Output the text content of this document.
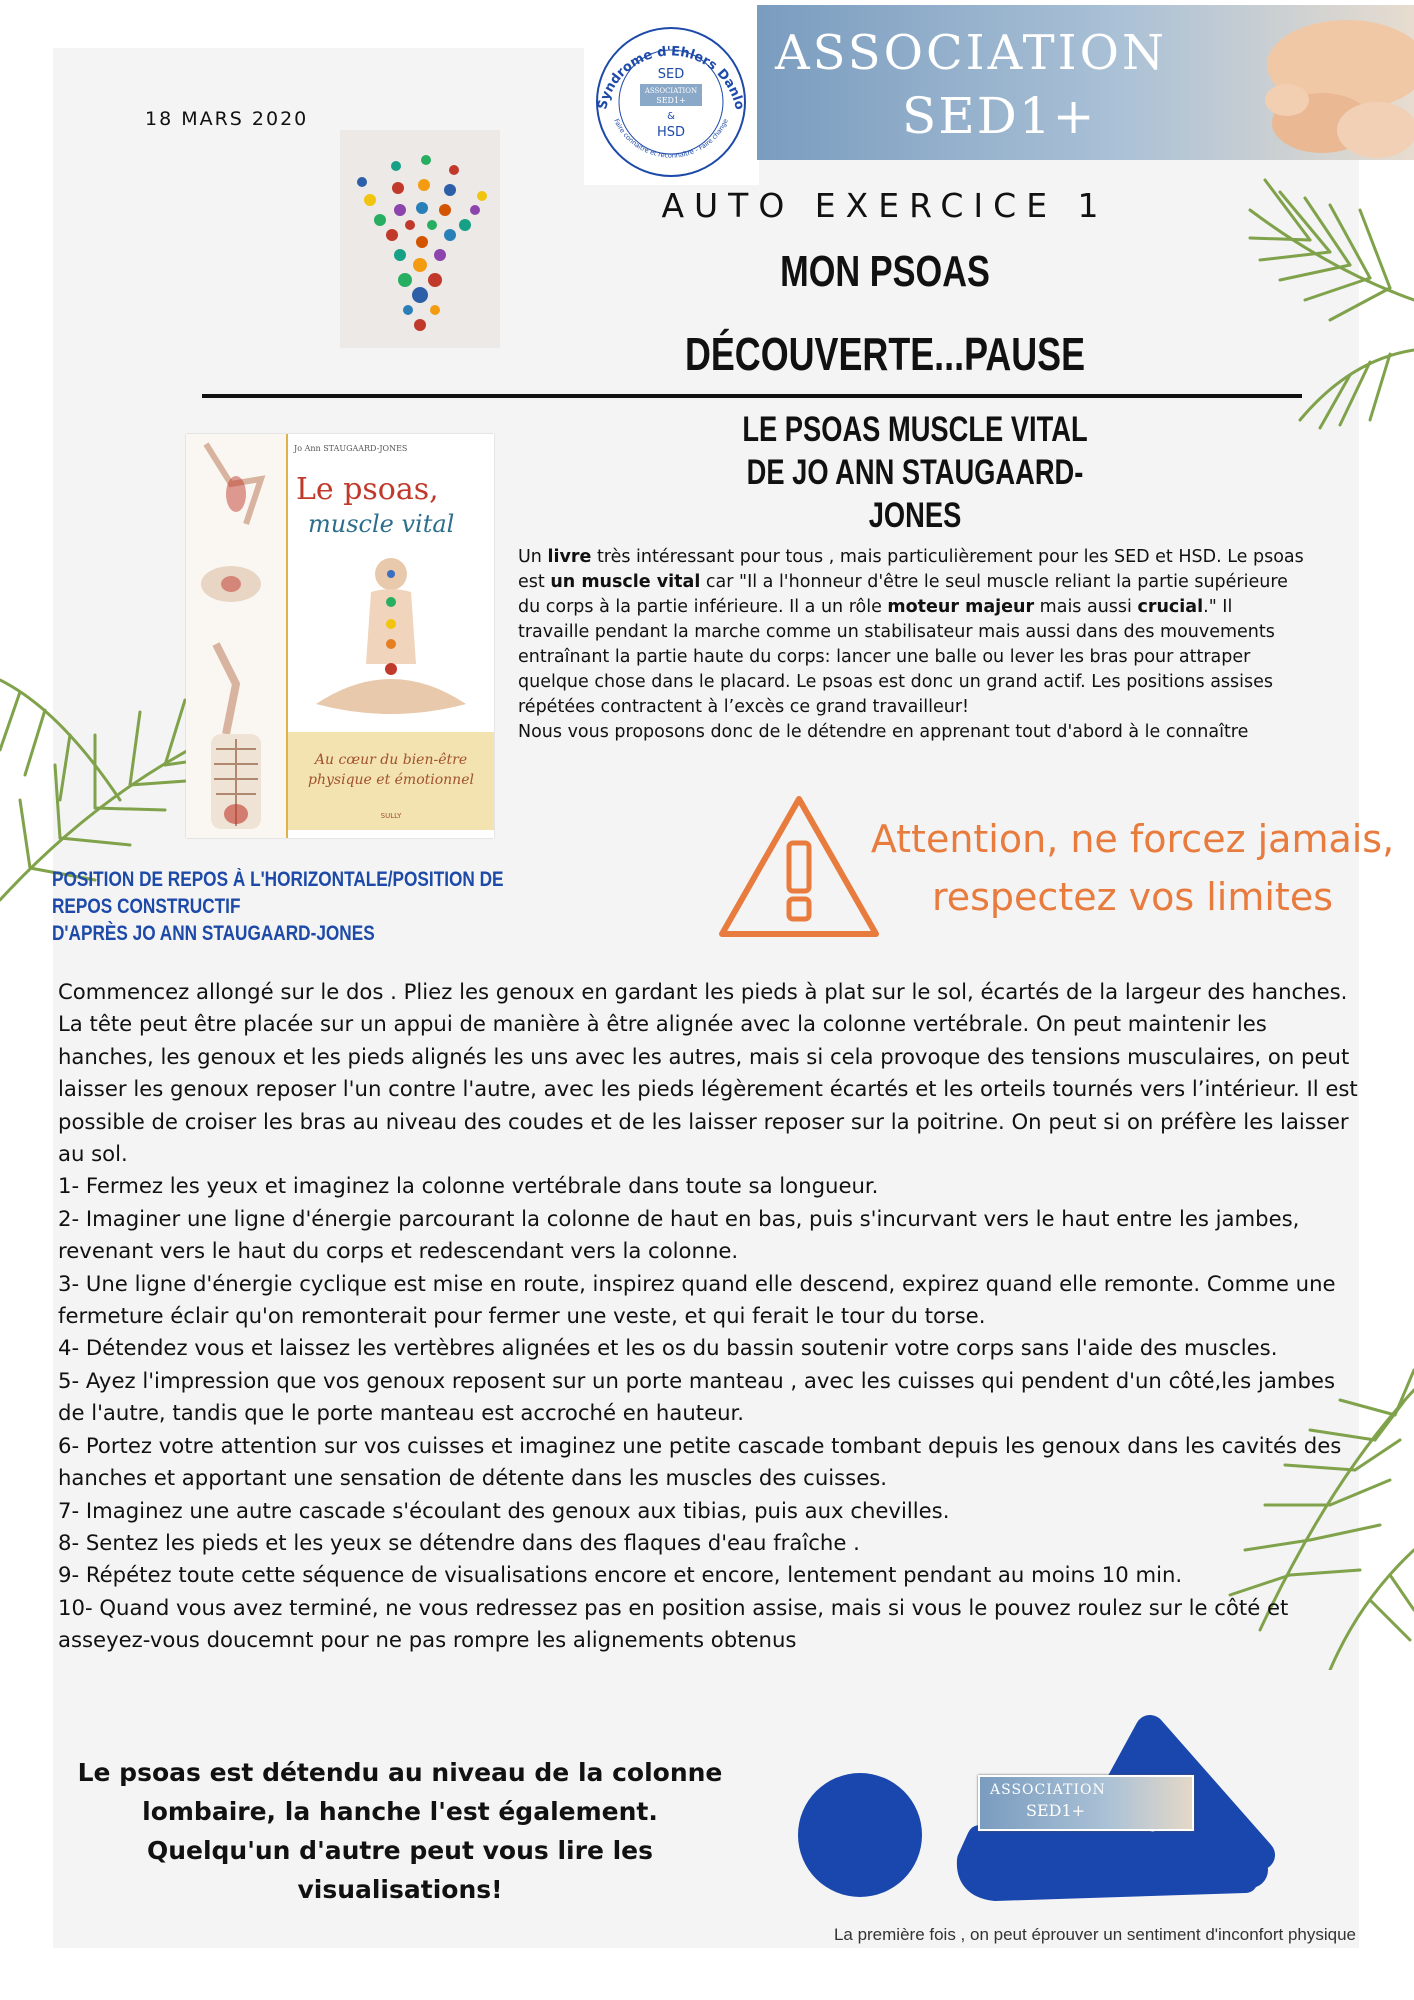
18 MARS 2020
Syndrome d'Ehlers Danlo
SED
ASSOCIATION
SED1+
&
HSD
Faire connaître et reconnaître - Faire change
ASSOCIATION
SED1+
AUTO EXERCICE 1
MON PSOAS
DÉCOUVERTE...PAUSE
LE PSOAS MUSCLE VITAL
DE JO ANN STAUGAARD-JONES
Jo Ann STAUGAARD-JONES
Le psoas,
muscle vital
Au cœur du bien-être
physique et émotionnel
SULLY
Un livre très intéressant pour tous , mais particulièrement pour les SED et HSD. Le psoas est un muscle vital car "Il a l'honneur d'être le seul muscle reliant la partie supérieure du corps à la partie inférieure. Il a un rôle moteur majeur mais aussi crucial." Il travaille pendant la marche comme un stabilisateur mais aussi dans des mouvements entraînant la partie haute du corps: lancer une balle ou lever les bras pour attraper quelque chose dans le placard. Le psoas est donc un grand actif. Les positions assises répétées contractent à l’excès ce grand travailleur!
Nous vous proposons donc de le détendre en apprenant tout d'abord à le connaître
Attention, ne forcez jamais,
respectez vos limites
POSITION DE REPOS À L'HORIZONTALE/POSITION DE REPOS CONSTRUCTIF
D'APRÈS JO ANN STAUGAARD-JONES

Commencez allongé sur le dos . Pliez les genoux en gardant les pieds à plat sur le sol, écartés de la largeur des hanches. La tête peut être placée sur un appui de manière à être alignée avec la colonne vertébrale. On peut maintenir les hanches, les genoux et les pieds alignés les uns avec les autres, mais si cela provoque des tensions musculaires, on peut laisser les genoux reposer l'un contre l'autre, avec les pieds légèrement écartés et les orteils tournés vers l’intérieur. Il est possible de croiser les bras au niveau des coudes et de les laisser reposer sur la poitrine. On peut si on préfère les laisser au sol.

1- Fermez les yeux et imaginez la colonne vertébrale dans toute sa longueur.

2- Imaginer une ligne d'énergie parcourant la colonne de haut en bas, puis s'incurvant vers le haut entre les jambes, revenant vers le haut du corps et redescendant vers la colonne.

3- Une ligne d'énergie cyclique est mise en route, inspirez quand elle descend, expirez quand elle remonte. Comme une fermeture éclair qu'on remonterait pour fermer une veste, et qui ferait le tour du torse.

4- Détendez vous et laissez les vertèbres alignées et les os du bassin soutenir votre corps sans l'aide des muscles.

5- Ayez l'impression que vos genoux reposent sur un porte manteau , avec les cuisses qui pendent d'un côté,les jambes de l'autre, tandis que le porte manteau est accroché en hauteur.

6- Portez votre attention sur vos cuisses et imaginez une petite cascade tombant depuis les genoux dans les cavités des hanches et apportant une sensation de détente dans les muscles des cuisses.

7- Imaginez une autre cascade s'écoulant des genoux aux tibias, puis aux chevilles.

8- Sentez les pieds et les yeux se détendre dans des flaques d'eau fraîche .

9- Répétez toute cette séquence de visualisations encore et encore, lentement pendant au moins 10 min.

10- Quand vous avez terminé, ne vous redressez pas en position assise, mais si vous le pouvez roulez sur le côté et asseyez-vous doucemnt pour ne pas rompre les alignements obtenus

Le psoas est détendu au niveau de la colonne
lombaire, la hanche l'est également.
Quelqu'un d'autre peut vous lire les
visualisations!
ASSOCIATION
SED1+
La première fois , on peut éprouver un sentiment d'inconfort physique
